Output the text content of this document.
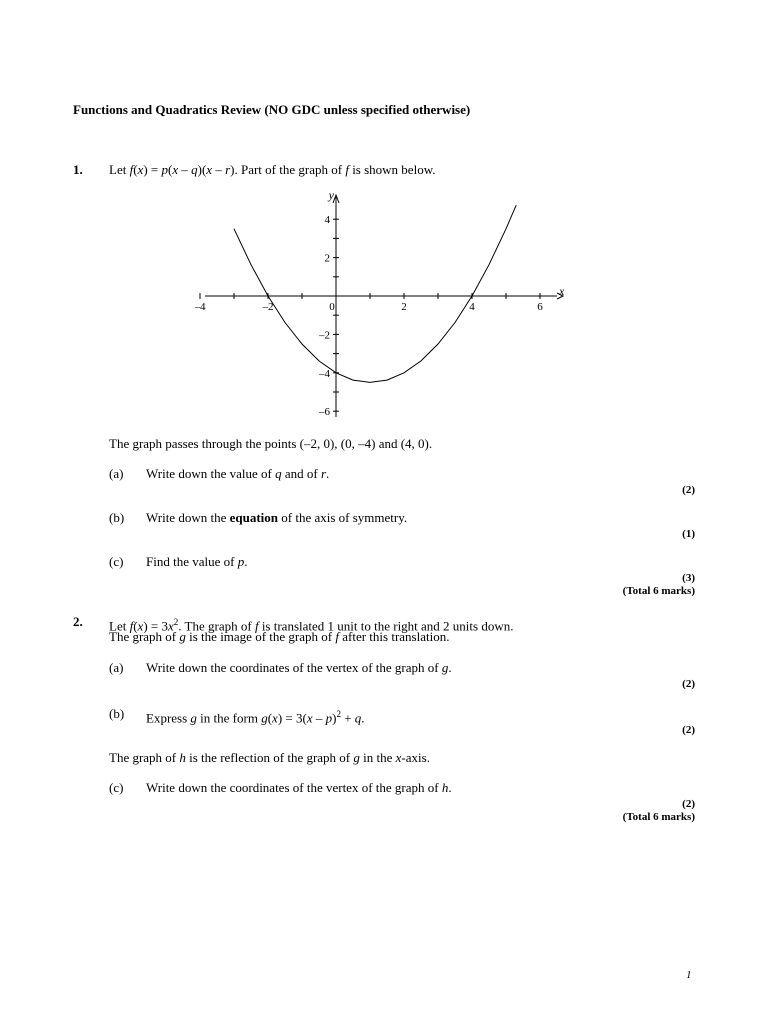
Functions and Quadratics Review (NO GDC unless specified otherwise)
1. Let f(x) = p(x – q)(x – r). Part of the graph of f is shown below.
x
y
–4	–2	0	2	4	6
4
2
–2
–4
–6
The graph passes through the points (–2, 0), (0, –4) and (4, 0).
(a) Write down the value of q and of r.
(2)
(b) Write down the equation of the axis of symmetry.
(1)
(c) Find the value of p.
(3)
(Total 6 marks)
2. Let $f(x) = 3x^2$. The graph of f is translated 1 unit to the right and 2 units down.
The graph of g is the image of the graph of f after this translation.
(a) Write down the coordinates of the vertex of the graph of g.
(2)
(b) Express g in the form g(x) = 3(x – p)$^2$ + q.
(2)
The graph of h is the reflection of the graph of g in the x-axis.
(c) Write down the coordinates of the vertex of the graph of h.
(2)
(Total 6 marks)
1
